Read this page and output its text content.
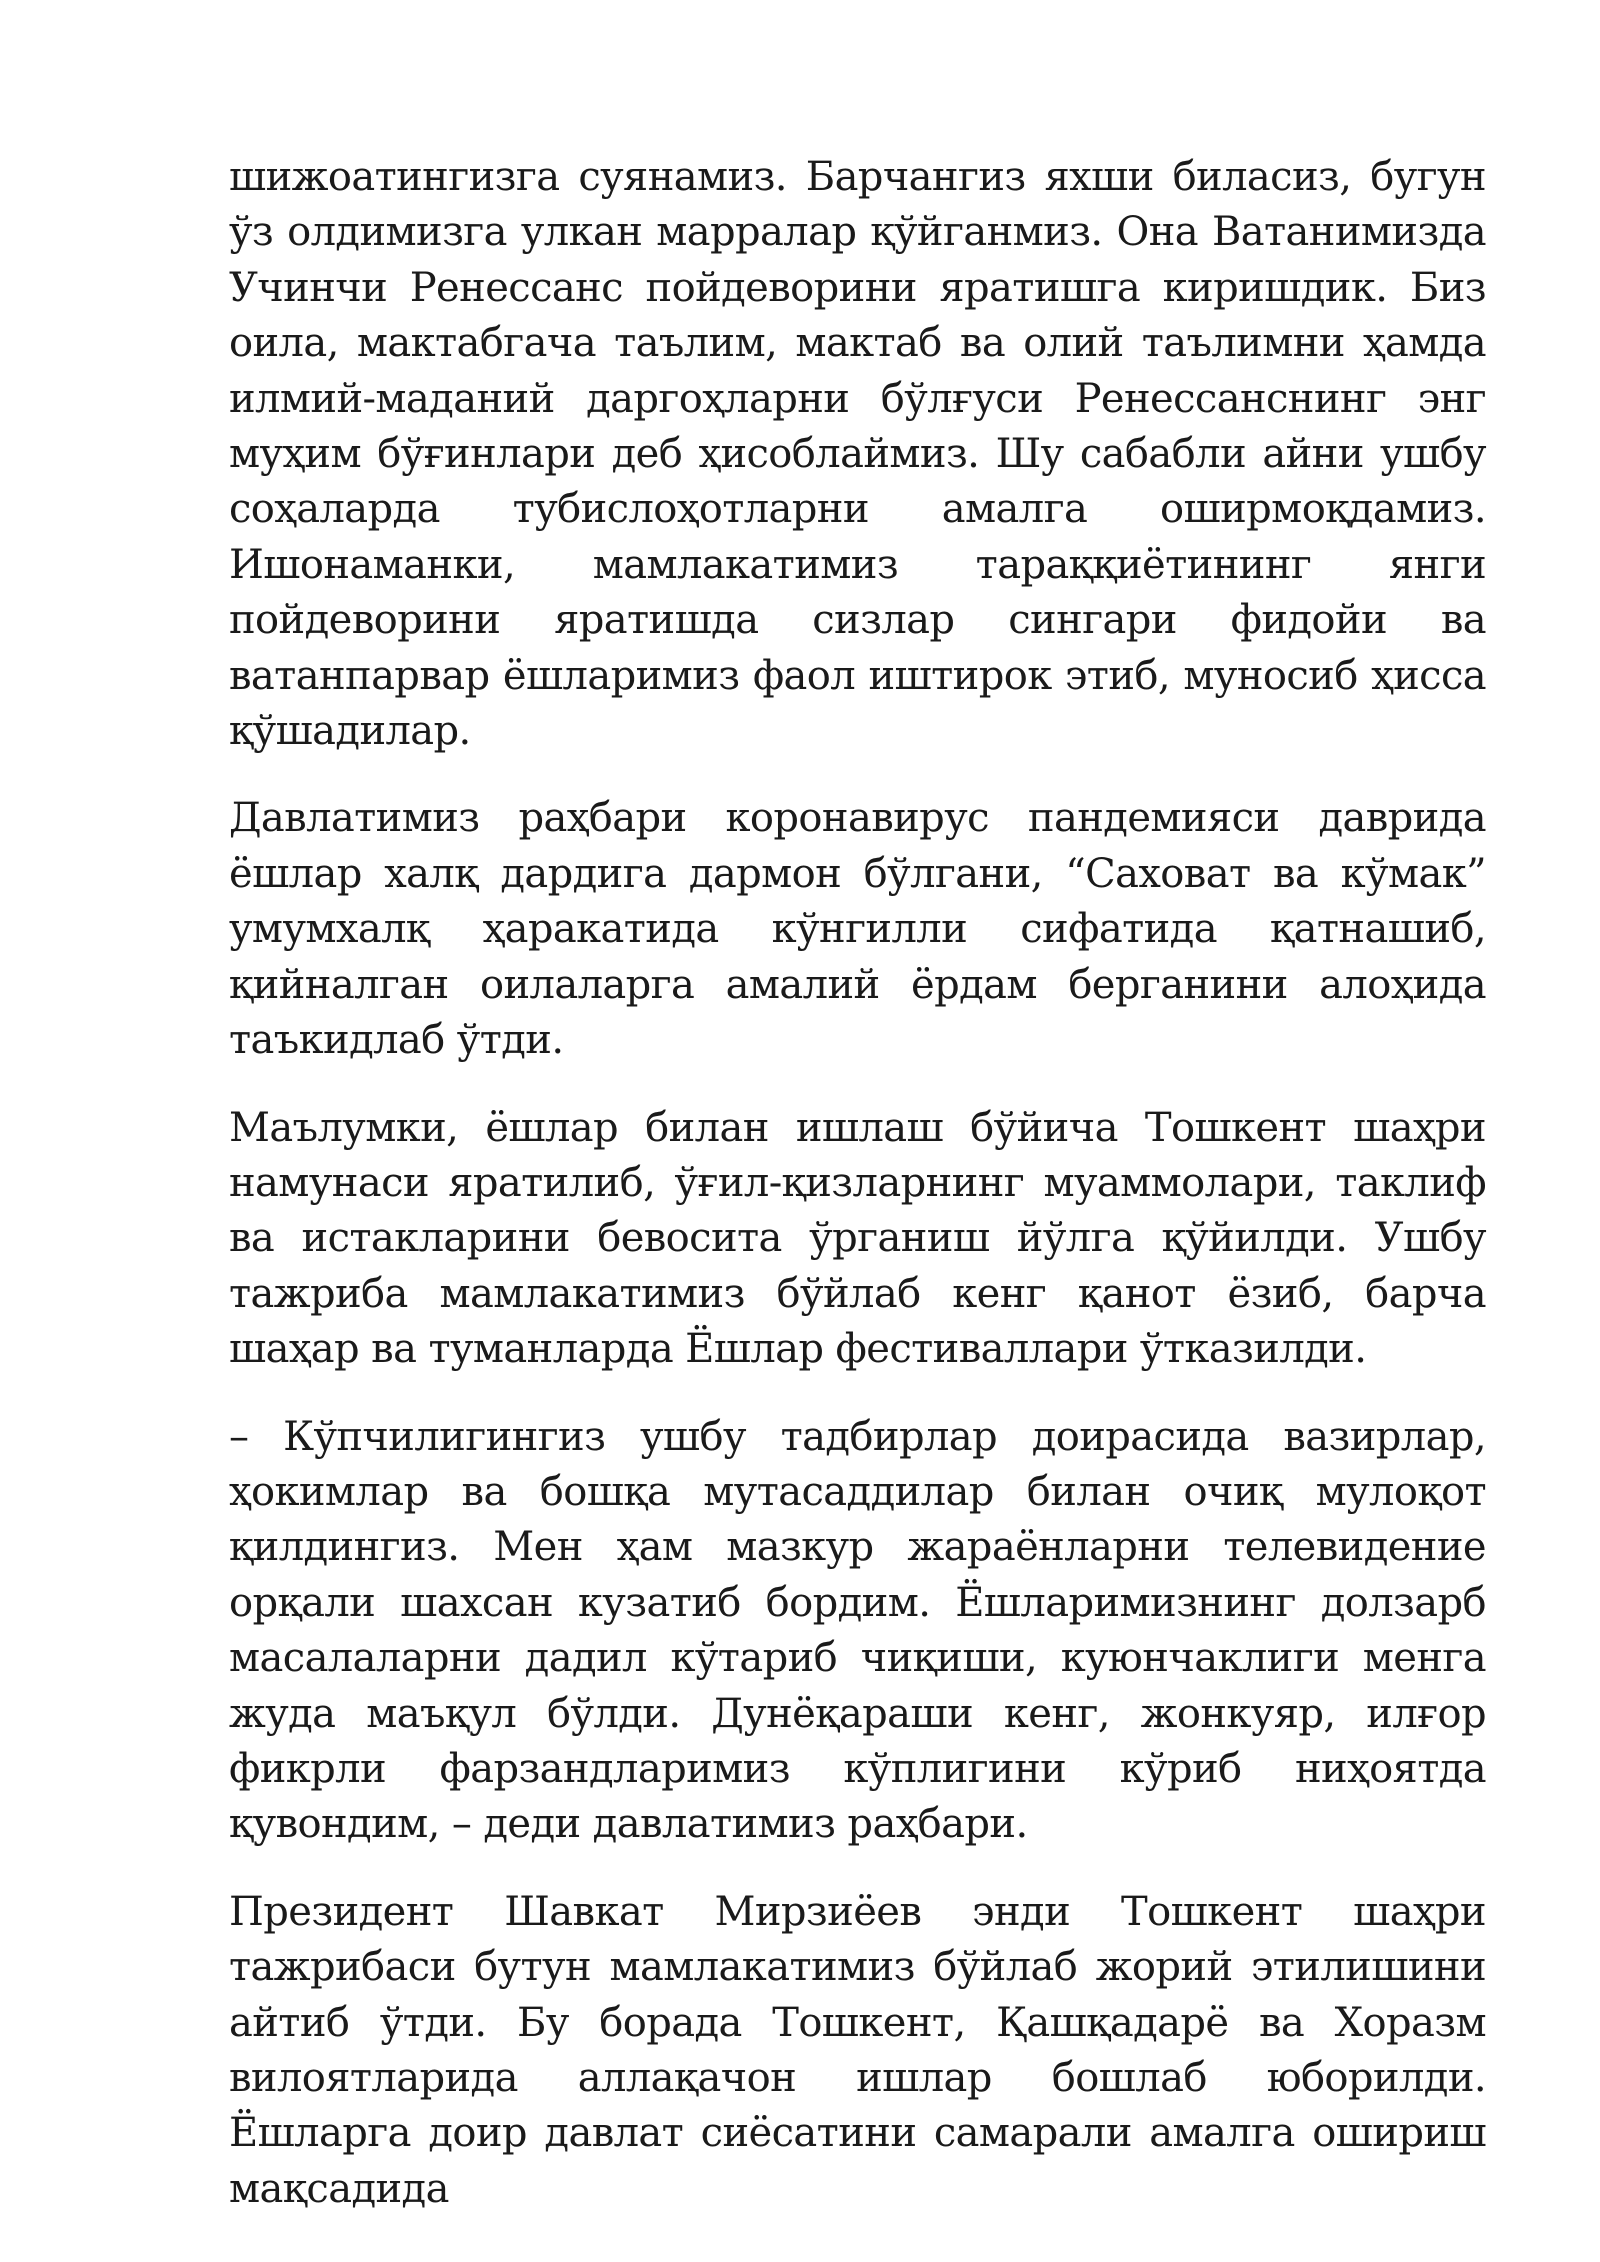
шижоатингизга суянамиз. Барчангиз яхши биласиз, бугун ўз олдимизга улкан марралар қўйганмиз. Она Ватанимизда Учинчи Ренессанс пойдеворини яратишга киришдик. Биз оила, мактабгача таълим, мактаб ва олий таълимни ҳамда илмий-маданий даргоҳларни бўлғуси Ренессанснинг энг муҳим бўғинлари деб ҳисоблаймиз. Шу сабабли айни ушбу соҳаларда тубислоҳотларни амалга оширмоқдамиз. Ишонаманки, мамлакатимиз тараққиётининг янги пойдеворини яратишда сизлар сингари фидойи ва ватанпарвар ёшларимиз фаол иштирок этиб, муносиб ҳисса қўшадилар.

Давлатимиз раҳбари коронавирус пандемияси даврида ёшлар халқ дардига дармон бўлгани, “Саховат ва кўмак” умумхалқ ҳаракатида кўнгилли сифатида қатнашиб, қийналган оилаларга амалий ёрдам берганини алоҳида таъкидлаб ўтди.

Маълумки, ёшлар билан ишлаш бўйича Тошкент шаҳри намунаси яратилиб, ўғил-қизларнинг муаммолари, таклиф ва истакларини бевосита ўрганиш йўлга қўйилди. Ушбу тажриба мамлакатимиз бўйлаб кенг қанот ёзиб, барча шаҳар ва туманларда Ёшлар фестиваллари ўтказилди.

– Кўпчилигингиз ушбу тадбирлар доирасида вазирлар, ҳокимлар ва бошқа мутасаддилар билан очиқ мулоқот қилдингиз. Мен ҳам мазкур жараёнларни телевидение орқали шахсан кузатиб бордим. Ёшларимизнинг долзарб масалаларни дадил кўтариб чиқиши, куюнчаклиги менга жуда маъқул бўлди. Дунёқараши кенг, жонкуяр, илғор фикрли фарзандларимиз кўплигини кўриб ниҳоятда қувондим, – деди давлатимиз раҳбари.

Президент Шавкат Мирзиёев энди Тошкент шаҳри тажрибаси бутун мамлакатимиз бўйлаб жорий этилишини айтиб ўтди. Бу борада Тошкент, Қашқадарё ва Хоразм вилоятларида аллақачон ишлар бошлаб юборилди. Ёшларга доир давлат сиёсатини самарали амалга ошириш мақсадида
